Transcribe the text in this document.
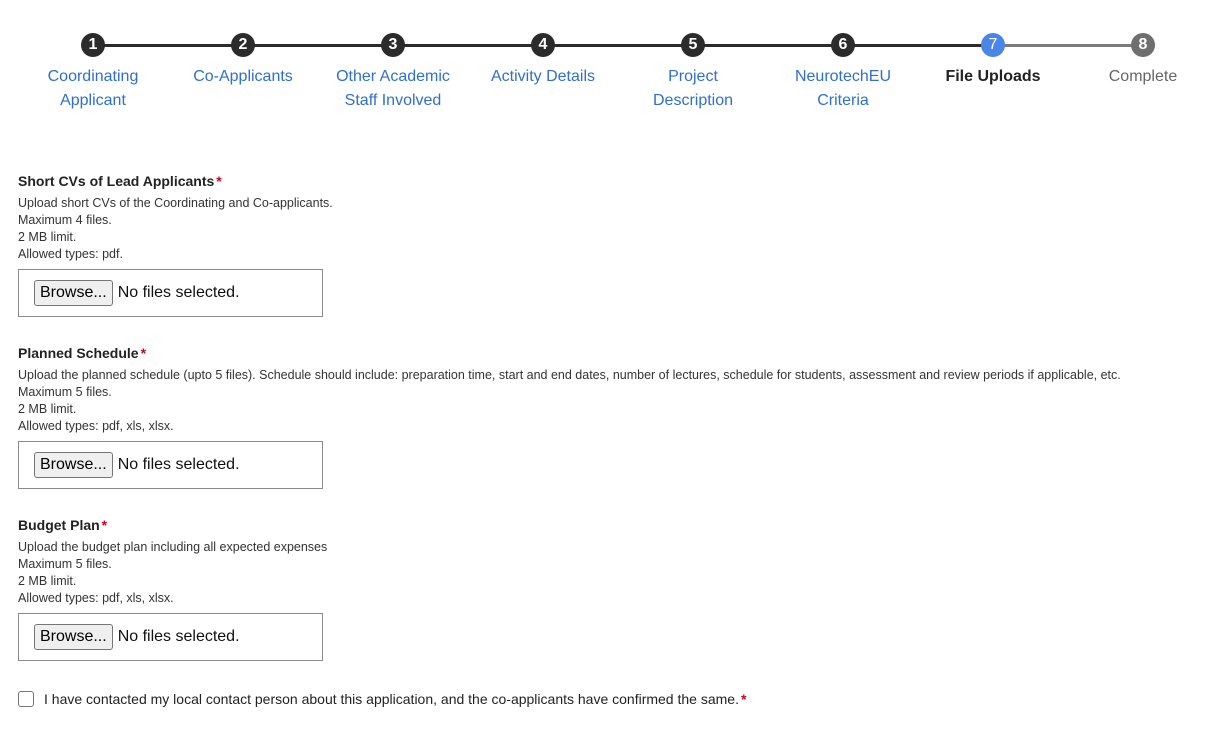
1
Coordinating
Applicant
2
Co-Applicants
3
Other Academic
Staff Involved
4
Activity Details
5
Project
Description
6
NeurotechEU
Criteria
7
File Uploads
8
Complete
Short CVs of Lead Applicants *
Upload short CVs of the Coordinating and Co-applicants.
Maximum 4 files.
2 MB limit.
Allowed types: pdf.
Browse... No files selected.
Planned Schedule *
Upload the planned schedule (upto 5 files). Schedule should include: preparation time, start and end dates, number of lectures, schedule for students, assessment and review periods if applicable, etc.
Maximum 5 files.
2 MB limit.
Allowed types: pdf, xls, xlsx.
Browse... No files selected.
Budget Plan *
Upload the budget plan including all expected expenses
Maximum 5 files.
2 MB limit.
Allowed types: pdf, xls, xlsx.
Browse... No files selected.
I have contacted my local contact person about this application, and the co-applicants have confirmed the same. *
